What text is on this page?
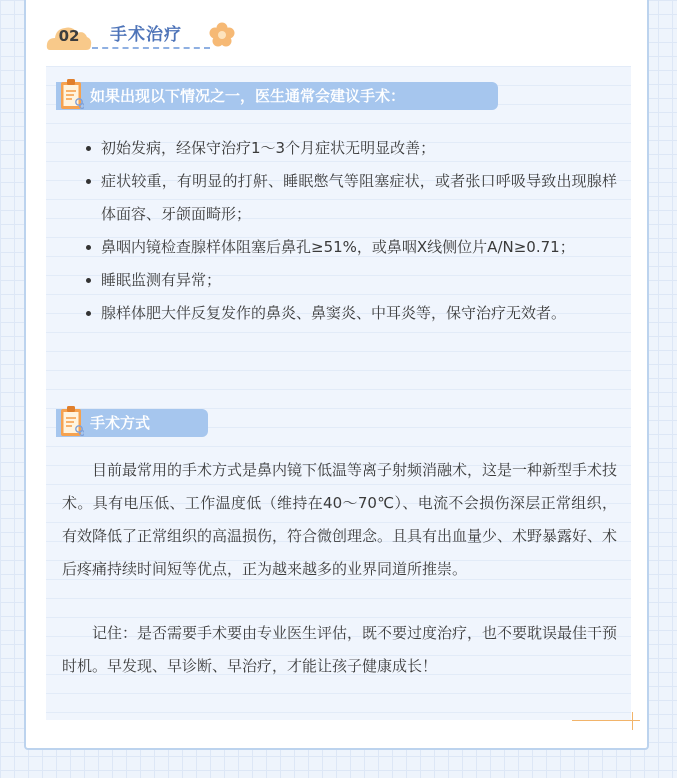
02	手术治疗
如果出现以下情况之一，医生通常会建议手术：
初始发病，经保守治疗1～3个月症状无明显改善；
症状较重，有明显的打鼾、睡眠憋气等阻塞症状，或者张口呼吸导致出现腺样体面容、牙颌面畸形；
鼻咽内镜检查腺样体阻塞后鼻孔≥51%，或鼻咽X线侧位片A/N≥0.71；
睡眠监测有异常；
腺样体肥大伴反复发作的鼻炎、鼻窦炎、中耳炎等，保守治疗无效者。
手术方式

目前最常用的手术方式是鼻内镜下低温等离子射频消融术，这是一种新型手术技术。具有电压低、工作温度低（维持在40～70℃）、电流不会损伤深层正常组织，有效降低了正常组织的高温损伤，符合微创理念。且具有出血量少、术野暴露好、术后疼痛持续时间短等优点，正为越来越多的业界同道所推崇。

记住：是否需要手术要由专业医生评估，既不要过度治疗，也不要耽误最佳干预时机。早发现、早诊断、早治疗，才能让孩子健康成长！
